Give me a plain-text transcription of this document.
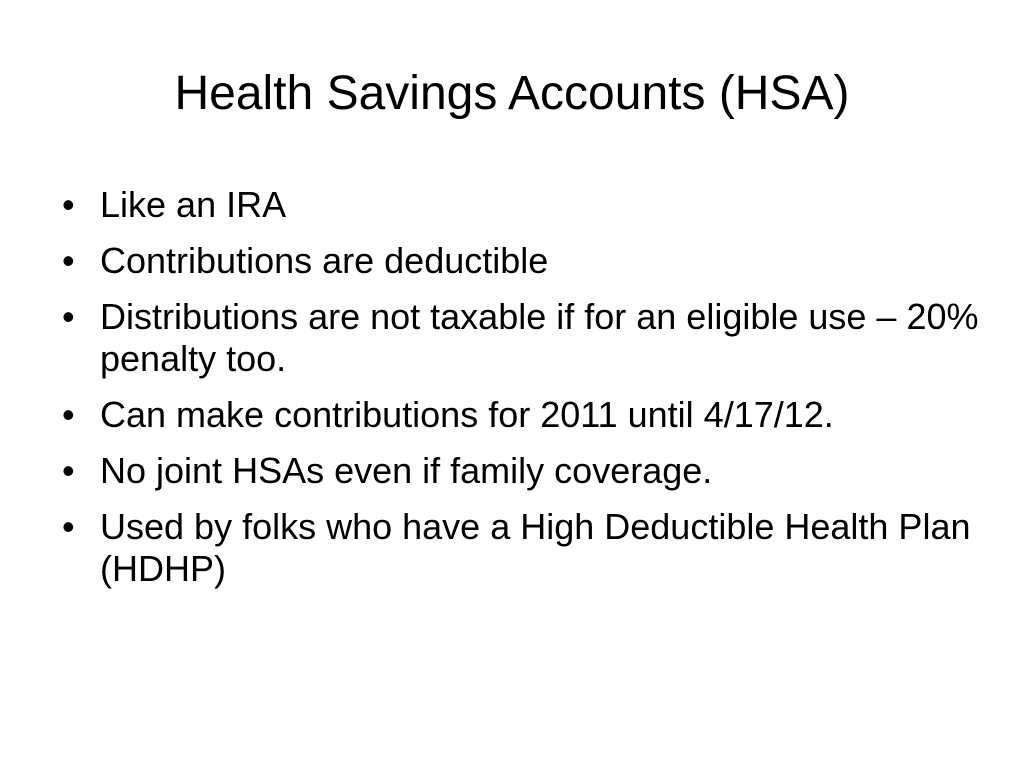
Health Savings Accounts (HSA)
• Like an IRA
• Contributions are deductible
• Distributions are not taxable if for an eligible use – 20% penalty too.
• Can make contributions for 2011 until 4/17/12.
• No joint HSAs even if family coverage.
• Used by folks who have a High Deductible Health Plan (HDHP)
